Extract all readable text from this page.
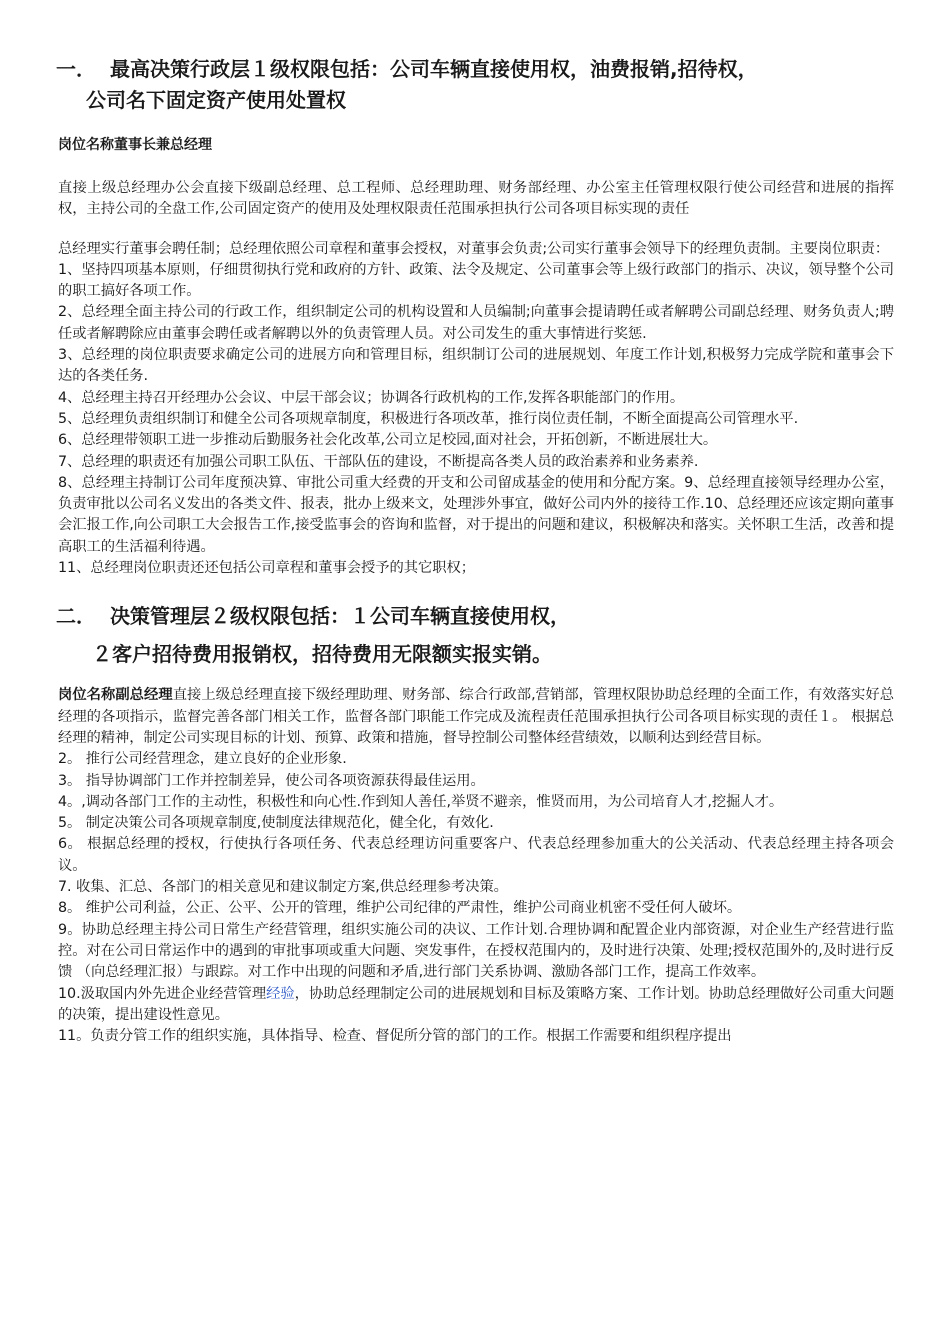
一． 最高决策行政层１级权限包括：公司车辆直接使用权，油费报销,招待权，
公司名下固定资产使用处置权
岗位名称董事长兼总经理

直接上级总经理办公会直接下级副总经理、总工程师、总经理助理、财务部经理、办公室主任管理权限行使公司经营和进展的指挥权，主持公司的全盘工作,公司固定资产的使用及处理权限责任范围承担执行公司各项目标实现的责任

总经理实行董事会聘任制；总经理依照公司章程和董事会授权，对董事会负责;公司实行董事会领导下的经理负责制。主要岗位职责：

1、坚持四项基本原则，仔细贯彻执行党和政府的方针、政策、法令及规定、公司董事会等上级行政部门的指示、决议，领导整个公司的职工搞好各项工作。

2、总经理全面主持公司的行政工作，组织制定公司的机构设置和人员编制;向董事会提请聘任或者解聘公司副总经理、财务负责人;聘任或者解聘除应由董事会聘任或者解聘以外的负责管理人员。对公司发生的重大事情进行奖惩.

3、总经理的岗位职责要求确定公司的进展方向和管理目标，组织制订公司的进展规划、年度工作计划,积极努力完成学院和董事会下达的各类任务.

4、总经理主持召开经理办公会议、中层干部会议；协调各行政机构的工作,发挥各职能部门的作用。

5、总经理负责组织制订和健全公司各项规章制度，积极进行各项改革，推行岗位责任制，不断全面提高公司管理水平.

6、总经理带领职工进一步推动后勤服务社会化改革,公司立足校园,面对社会，开拓创新，不断进展壮大。

7、总经理的职责还有加强公司职工队伍、干部队伍的建设，不断提高各类人员的政治素养和业务素养.

8、总经理主持制订公司年度预决算、审批公司重大经费的开支和公司留成基金的使用和分配方案。9、总经理直接领导经理办公室，负责审批以公司名义发出的各类文件、报表，批办上级来文，处理涉外事宜，做好公司内外的接待工作.10、总经理还应该定期向董事会汇报工作,向公司职工大会报告工作,接受监事会的咨询和监督，对于提出的问题和建议，积极解决和落实。关怀职工生活，改善和提高职工的生活福利待遇。

11、总经理岗位职责还还包括公司章程和董事会授予的其它职权；

二． 决策管理层２级权限包括：１公司车辆直接使用权，
２客户招待费用报销权，招待费用无限额实报实销。

岗位名称副总经理直接上级总经理直接下级经理助理、财务部、综合行政部,营销部，管理权限协助总经理的全面工作，有效落实好总经理的各项指示，监督完善各部门相关工作，监督各部门职能工作完成及流程责任范围承担执行公司各项目标实现的责任１。 根据总经理的精神，制定公司实现目标的计划、预算、政策和措施，督导控制公司整体经营绩效，以顺利达到经营目标。

2。 推行公司经营理念，建立良好的企业形象.

3。 指导协调部门工作并控制差异，使公司各项资源获得最佳运用。

4。,调动各部门工作的主动性，积极性和向心性.作到知人善任,举贤不避亲，惟贤而用，为公司培育人才,挖掘人才。

5。 制定决策公司各项规章制度,使制度法律规范化，健全化，有效化.

6。 根据总经理的授权，行使执行各项任务、代表总经理访问重要客户、代表总经理参加重大的公关活动、代表总经理主持各项会议。

7. 收集、汇总、各部门的相关意见和建议制定方案,供总经理参考决策。

8。 维护公司利益，公正、公平、公开的管理，维护公司纪律的严肃性，维护公司商业机密不受任何人破坏。

9。协助总经理主持公司日常生产经营管理，组织实施公司的决议、工作计划.合理协调和配置企业内部资源，对企业生产经营进行监控。对在公司日常运作中的遇到的审批事项或重大问题、突发事件，在授权范围内的，及时进行决策、处理;授权范围外的,及时进行反馈 （向总经理汇报）与跟踪。对工作中出现的问题和矛盾,进行部门关系协调、激励各部门工作，提高工作效率。

10.汲取国内外先进企业经营管理经验，协助总经理制定公司的进展规划和目标及策略方案、工作计划。协助总经理做好公司重大问题的决策，提出建设性意见。

11。负责分管工作的组织实施，具体指导、检查、督促所分管的部门的工作。根据工作需要和组织程序提出
